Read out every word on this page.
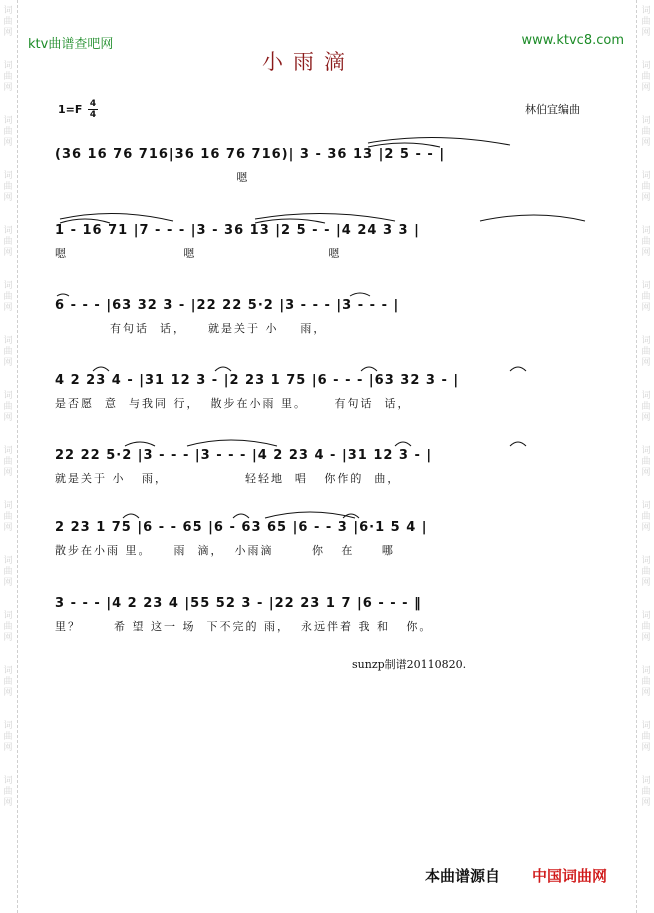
词
曲
网

词
曲
网

词
曲
网

词
曲
网

词
曲
网

词
曲
网

词
曲
网

词
曲
网

词
曲
网

词
曲
网

词
曲
网

词
曲
网

词
曲
网

词
曲
网

词
曲
网
词
曲
网

词
曲
网

词
曲
网

词
曲
网

词
曲
网

词
曲
网

词
曲
网

词
曲
网

词
曲
网

词
曲
网

词
曲
网

词
曲
网

词
曲
网

词
曲
网

词
曲
网
ktv曲谱查吧网	www.ktvc8.com
小雨滴
1=F 4
4	林伯宜编曲
(36 16 76 716|36 16 76 716)| 3 - 36 13 |2 5 - - |
嗯
1 - 16 71 |7 - - - |3 - 36 13 |2 5 - - |4 24 3 3 |
嗯                     嗯                        嗯
6 - - - |63 32 3 - |22 22 5·2 |3 - - - |3 - - - |
有句话  话，    就是关于 小    雨，
4 2 23 4 - |31 12 3 - |2 23 1 75 |6 - - - |63 32 3 - |
是否愿  意  与我同 行，  散步在小雨 里。     有句话  话，
22 22 5·2 |3 - - - |3 - - - |4 2 23 4 - |31 12 3 - |
就是关于 小   雨，              轻轻地  唱   你作的  曲，
2 23 1 75 |6 - - 65 |6 - 63 65 |6 - - 3 |6·1 5 4 |
散步在小雨 里。    雨  滴，  小雨滴       你   在     哪
3 - - - |4 2 23 4 |55 52 3 - |22 23 1 7 |6 - - - ‖
里？      希 望 这一 场  下不完的 雨，  永远伴着 我 和   你。
sunzp制谱20110820.
本曲谱源自 中国词曲网
